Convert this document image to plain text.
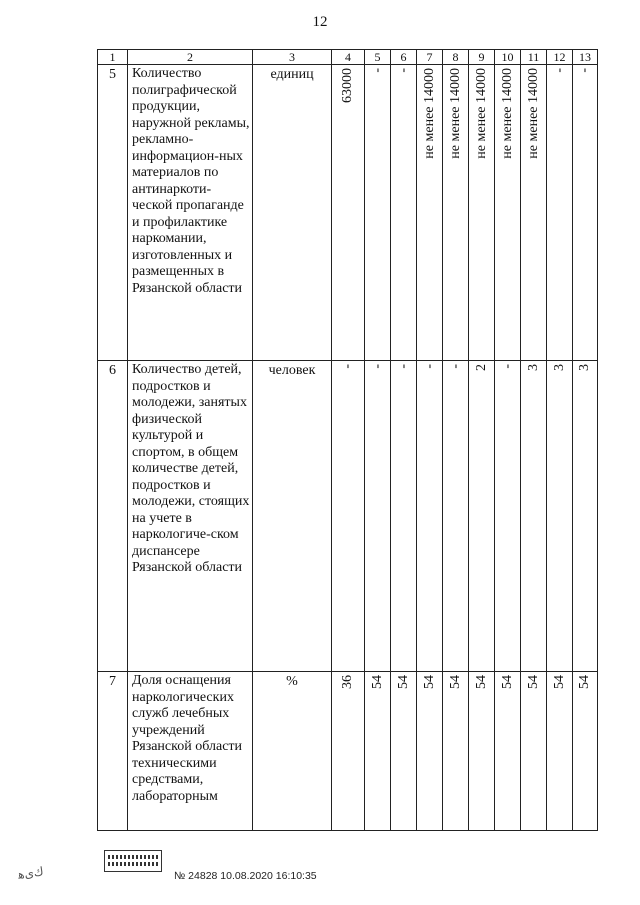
12
1	2	3	4	5	6	7	8	9	10	11	12	13
5	Количество полиграфической продукции, наружной рекламы, рекламно-информацион-ных материалов по антинаркоти-ческой пропаганде и профилактике наркомании, изготовленных и размещенных в Рязанской области	единиц	63000	-	-	не менее 14000	не менее 14000	не менее 14000	не менее 14000	не менее 14000	-	-

6	Количество детей, подростков и молодежи, занятых физической культурой и спортом, в общем количестве детей, подростков и молодежи, стоящих на учете в наркологиче-ском диспансере Рязанской области	человек	-	-	-	-	-	2	-	3	3	3

7	Доля оснащения наркологических служб лечебных учреждений Рязанской области техническими средствами, лабораторным	%	36	54	54	54	54	54	54	54	54	54
ﻙﻯﻫ	№ 24828 10.08.2020 16:10:35
